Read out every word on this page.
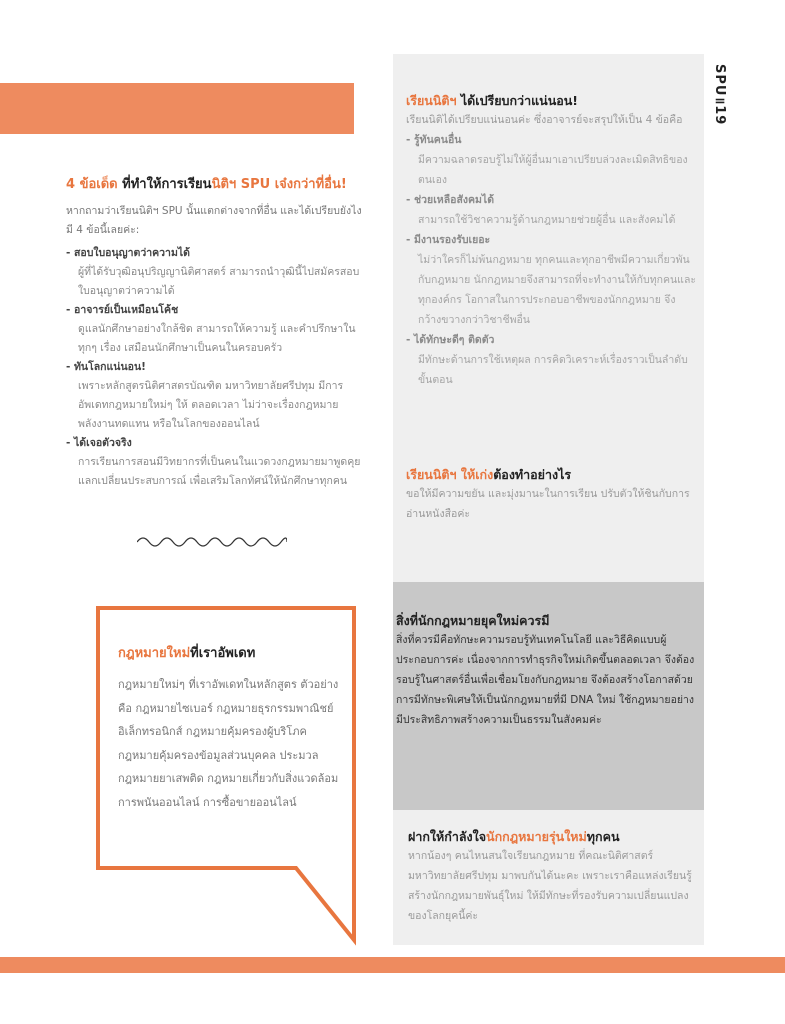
SPU॥19
4 ข้อเด็ด ที่ทำให้การเรียนนิติฯ SPU เจ๋งกว่าที่อื่น!

หากถามว่าเรียนนิติฯ SPU นั้นแตกต่างจากที่อื่น และได้เปรียบยังไง มี 4 ข้อนี้เลยค่ะ:

- สอบใบอนุญาตว่าความได้
ผู้ที่ได้รับวุฒิอนุปริญญานิติศาสตร์ สามารถนำวุฒินี้ไปสมัครสอบใบอนุญาตว่าความได้
- อาจารย์เป็นเหมือนโค้ช
ดูแลนักศึกษาอย่างใกล้ชิด สามารถให้ความรู้ และคำปรึกษาในทุกๆ เรื่อง เสมือนนักศึกษาเป็นคนในครอบครัว
- ทันโลกแน่นอน!
เพราะหลักสูตรนิติศาสตรบัณฑิต มหาวิทยาลัยศรีปทุม มีการอัพเดทกฎหมายใหม่ๆ ให้ ตลอดเวลา ไม่ว่าจะเรื่องกฎหมายพลังงานทดแทน หรือในโลกของออนไลน์
- ได้เจอตัวจริง
การเรียนการสอนมีวิทยากรที่เป็นคนในแวดวงกฎหมายมาพูดคุยแลกเปลี่ยนประสบการณ์ เพื่อเสริมโลกทัศน์ให้นักศึกษาทุกคน
กฎหมายใหม่ที่เราอัพเดท

กฎหมายใหม่ๆ ที่เราอัพเดทในหลักสูตร ตัวอย่างคือ กฎหมายไซเบอร์ กฎหมายธุรกรรมพาณิชย์อิเล็กทรอนิกส์ กฎหมายคุ้มครองผู้บริโภค กฎหมายคุ้มครองข้อมูลส่วนบุคคล ประมวลกฎหมายยาเสพติด กฎหมายเกี่ยวกับสิ่งแวดล้อม การพนันออนไลน์ การซื้อขายออนไลน์

เรียนนิติฯ ได้เปรียบกว่าแน่นอน!
เรียนนิติได้เปรียบแน่นอนค่ะ ซึ่งอาจารย์จะสรุปให้เป็น 4 ข้อคือ
- รู้ทันคนอื่น
มีความฉลาดรอบรู้ไม่ให้ผู้อื่นมาเอาเปรียบล่วงละเมิดสิทธิของตนเอง
- ช่วยเหลือสังคมได้
สามารถใช้วิชาความรู้ด้านกฎหมายช่วยผู้อื่น และสังคมได้
- มีงานรองรับเยอะ
ไม่ว่าใครก็ไม่พ้นกฎหมาย ทุกคนและทุกอาชีพมีความเกี่ยวพันกับกฎหมาย นักกฎหมายจึงสามารถที่จะทำงานให้กับทุกคนและทุกองค์กร โอกาสในการประกอบอาชีพของนักกฎหมาย จึงกว้างขวางกว่าวิชาชีพอื่น
- ได้ทักษะดีๆ ติดตัว
มีทักษะด้านการใช้เหตุผล การคิดวิเคราะห์เรื่องราวเป็นลำดับขั้นตอน
เรียนนิติฯ ให้เก่งต้องทำอย่างไร
ขอให้มีความขยัน และมุ่งมานะในการเรียน ปรับตัวให้ชินกับการอ่านหนังสือค่ะ
สิ่งที่นักกฎหมายยุคใหม่ควรมี
สิ่งที่ควรมีคือทักษะความรอบรู้ทันเทคโนโลยี และวิธีคิดแบบผู้ประกอบการค่ะ เนื่องจากการทำธุรกิจใหม่เกิดขึ้นตลอดเวลา จึงต้องรอบรู้ในศาสตร์อื่นเพื่อเชื่อมโยงกับกฎหมาย จึงต้องสร้างโอกาสด้วยการมีทักษะพิเศษให้เป็นนักกฎหมายที่มี DNA ใหม่ ใช้กฎหมายอย่างมีประสิทธิภาพสร้างความเป็นธรรมในสังคมค่ะ
ฝากให้กำลังใจนักกฎหมายรุ่นใหม่ทุกคน
หากน้องๆ คนไหนสนใจเรียนกฎหมาย ที่คณะนิติศาสตร์ มหาวิทยาลัยศรีปทุม มาพบกันได้นะคะ เพราะเราคือแหล่งเรียนรู้ สร้างนักกฎหมายพันธุ์ใหม่ ให้มีทักษะที่รองรับความเปลี่ยนแปลงของโลกยุคนี้ค่ะ
